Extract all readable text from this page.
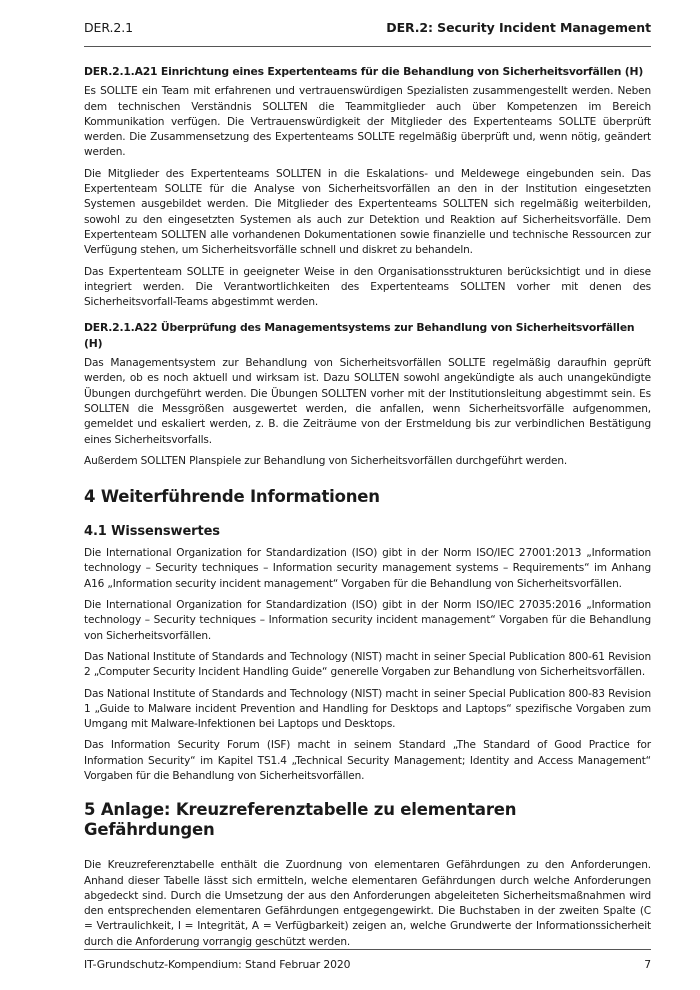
DER.2.1	DER.2: Security Incident Management
DER.2.1.A21 Einrichtung eines Expertenteams für die Behandlung von Sicherheitsvorfällen (H)

Es SOLLTE ein Team mit erfahrenen und vertrauenswürdigen Spezialisten zusammengestellt werden. Neben dem technischen Verständnis SOLLTEN die Teammitglieder auch über Kompetenzen im Bereich Kommunikation verfügen. Die Vertrauenswürdigkeit der Mitglieder des Expertenteams SOLLTE überprüft werden. Die Zusammensetzung des Expertenteams SOLLTE regelmäßig überprüft und, wenn nötig, geändert werden.

Die Mitglieder des Expertenteams SOLLTEN in die Eskalations- und Meldewege eingebunden sein. Das Expertenteam SOLLTE für die Analyse von Sicherheitsvorfällen an den in der Institution eingesetzten Systemen ausgebildet werden. Die Mitglieder des Expertenteams SOLLTEN sich regelmäßig weiterbilden, sowohl zu den eingesetzten Systemen als auch zur Detektion und Reaktion auf Sicherheitsvorfälle. Dem Expertenteam SOLLTEN alle vorhandenen Dokumentationen sowie finanzielle und technische Ressourcen zur Verfügung stehen, um Sicherheitsvorfälle schnell und diskret zu behandeln.

Das Expertenteam SOLLTE in geeigneter Weise in den Organisationsstrukturen berücksichtigt und in diese integriert werden. Die Verantwortlichkeiten des Expertenteams SOLLTEN vorher mit denen des Sicherheitsvorfall-Teams abgestimmt werden.

DER.2.1.A22 Überprüfung des Managementsystems zur Behandlung von Sicherheitsvorfällen (H)

Das Managementsystem zur Behandlung von Sicherheitsvorfällen SOLLTE regelmäßig daraufhin geprüft werden, ob es noch aktuell und wirksam ist. Dazu SOLLTEN sowohl angekündigte als auch unangekündigte Übungen durchgeführt werden. Die Übungen SOLLTEN vorher mit der Institutionsleitung abgestimmt sein. Es SOLLTEN die Messgrößen ausgewertet werden, die anfallen, wenn Sicherheitsvorfälle aufgenommen, gemeldet und eskaliert werden, z. B. die Zeiträume von der Erstmeldung bis zur verbindlichen Bestätigung eines Sicherheitsvorfalls.

Außerdem SOLLTEN Planspiele zur Behandlung von Sicherheitsvorfällen durchgeführt werden.

4 Weiterführende Informationen
4.1 Wissenswertes

Die International Organization for Standardization (ISO) gibt in der Norm ISO/IEC 27001:2013 „Information technology – Security techniques – Information security management systems – Requirements“ im Anhang A16 „Information security incident management“ Vorgaben für die Behandlung von Sicherheitsvorfällen.

Die International Organization for Standardization (ISO) gibt in der Norm ISO/IEC 27035:2016 „Information technology – Security techniques – Information security incident management“ Vorgaben für die Behandlung von Sicherheitsvorfällen.

Das National Institute of Standards and Technology (NIST) macht in seiner Special Publication 800-61 Revision 2 „Computer Security Incident Handling Guide“ generelle Vorgaben zur Behandlung von Sicherheitsvorfällen.

Das National Institute of Standards and Technology (NIST) macht in seiner Special Publication 800-83 Revision 1 „Guide to Malware incident Prevention and Handling for Desktops and Laptops“ spezifische Vorgaben zum Umgang mit Malware-Infektionen bei Laptops und Desktops.

Das Information Security Forum (ISF) macht in seinem Standard „The Standard of Good Practice for Information Security“ im Kapitel TS1.4 „Technical Security Management; Identity and Access Management“ Vorgaben für die Behandlung von Sicherheitsvorfällen.

5 Anlage: Kreuzreferenztabelle zu elementaren Gefährdungen

Die Kreuzreferenztabelle enthält die Zuordnung von elementaren Gefährdungen zu den Anforderungen. Anhand dieser Tabelle lässt sich ermitteln, welche elementaren Gefährdungen durch welche Anforderungen abgedeckt sind. Durch die Umsetzung der aus den Anforderungen abgeleiteten Sicherheitsmaßnahmen wird den entsprechenden elementaren Gefährdungen entgegengewirkt. Die Buchstaben in der zweiten Spalte (C = Vertraulichkeit, I = Integrität, A = Verfügbarkeit) zeigen an, welche Grundwerte der Informationssicherheit durch die Anforderung vorrangig geschützt werden.

IT-Grundschutz-Kompendium: Stand Februar 2020	7
